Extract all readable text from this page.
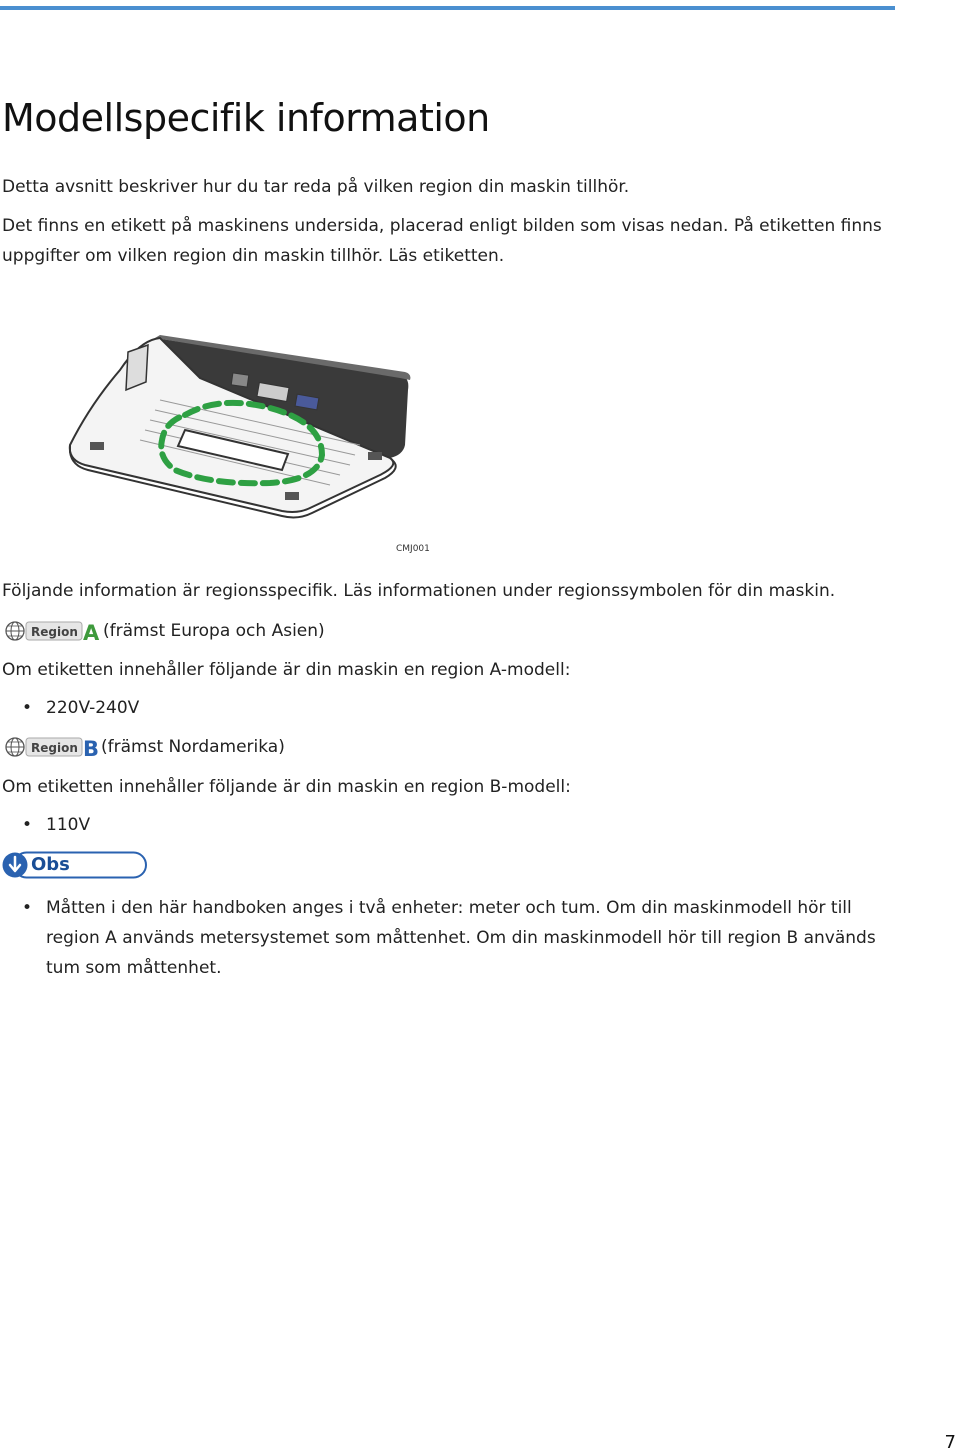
Modellspecifik information

Detta avsnitt beskriver hur du tar reda på vilken region din maskin tillhör.

Det finns en etikett på maskinens undersida, placerad enligt bilden som visas nedan. På etiketten finns

uppgifter om vilken region din maskin tillhör. Läs etiketten.

CMJ001

Följande information är regionsspecifik. Läs informationen under regionssymbolen för din maskin.

Region A (främst Europa och Asien)

Om etiketten innehåller följande är din maskin en region A-modell:

• 220V-240V

Region B (främst Nordamerika)

Om etiketten innehåller följande är din maskin en region B-modell:

• 110V

Obs
• Måtten i den här handboken anges i två enheter: meter och tum. Om din maskinmodell hör till

region A används metersystemet som måttenhet. Om din maskinmodell hör till region B används

tum som måttenhet.

7
